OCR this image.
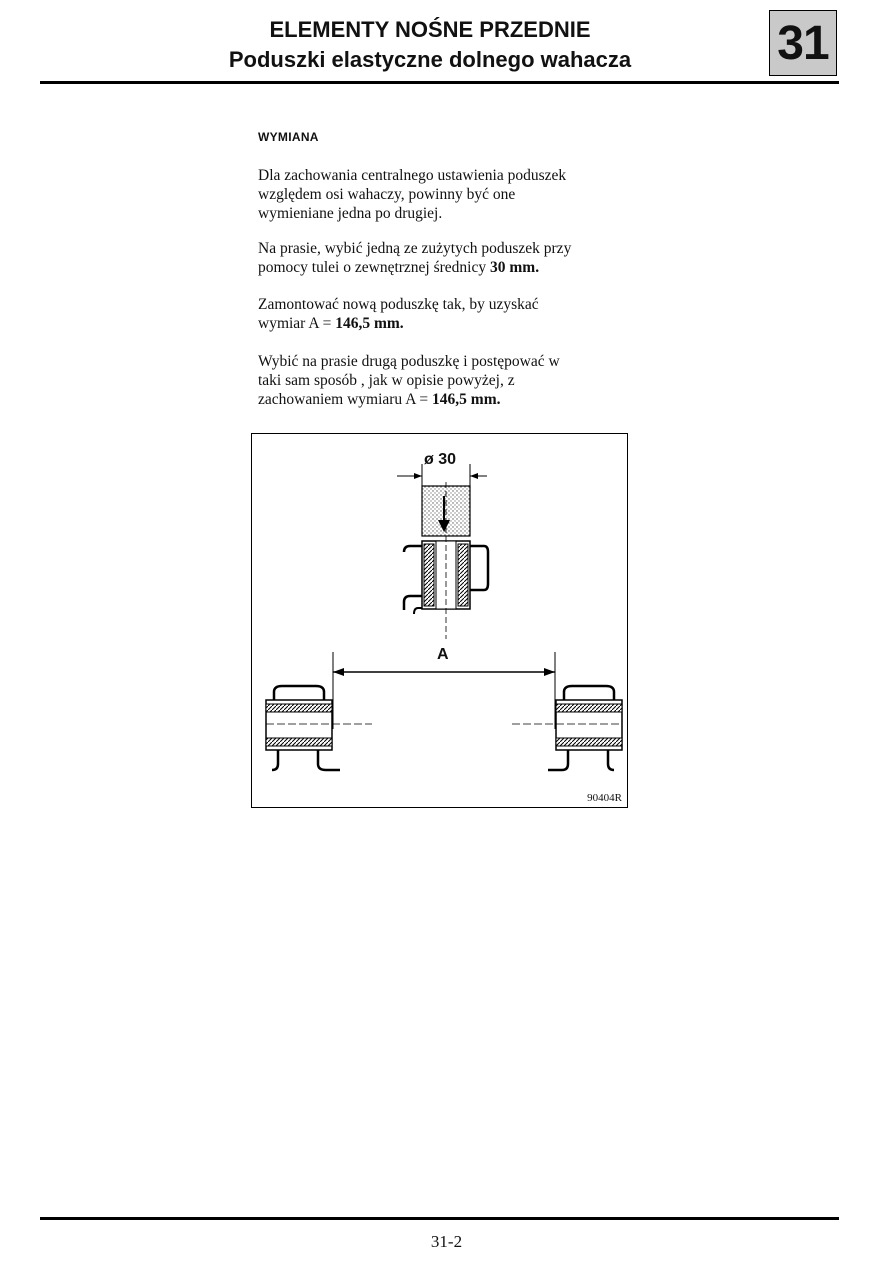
ELEMENTY NOŚNE PRZEDNIE
Poduszki elastyczne dolnego wahacza	31
WYMIANA
Dla zachowania centralnego ustawienia poduszek
względem osi wahaczy, powinny być one
wymieniane jedna po drugiej.
Na prasie, wybić jedną ze zużytych poduszek przy
pomocy tulei o zewnętrznej średnicy 30 mm.
Zamontować nową poduszkę tak, by uzyskać
wymiar A = 146,5 mm.
Wybić na prasie drugą poduszkę i postępować w
taki sam sposób , jak w opisie powyżej, z
zachowaniem wymiaru A = 146,5 mm.
ø 30
A
90404R
31-2
